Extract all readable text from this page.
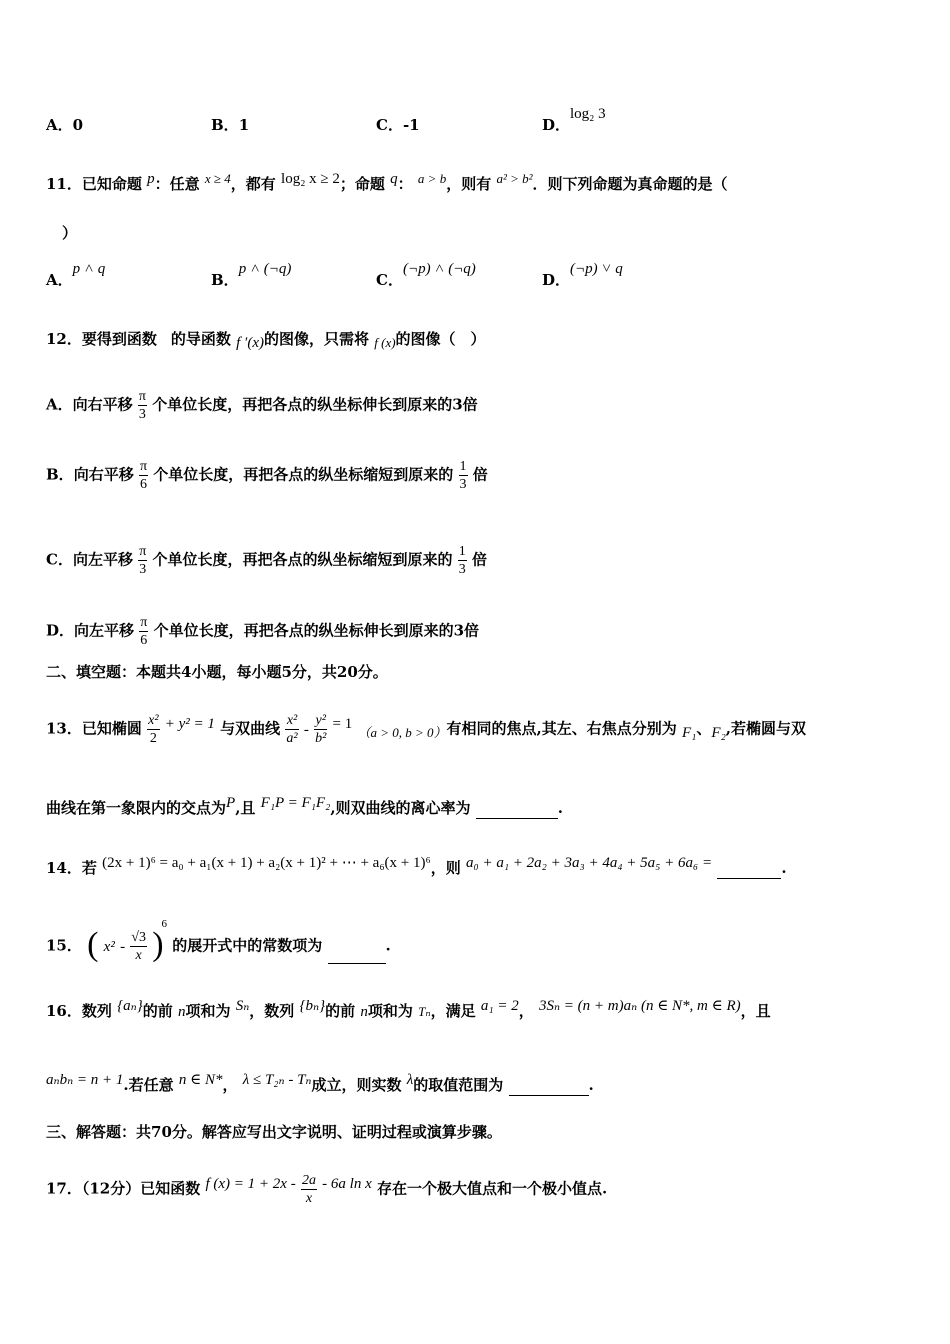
A．0	B．1	C．-1	D．log₂ 3
11．已知命题 p：任意 x ≥ 4，都有 log₂ x ≥ 2；命题 q： a > b，则有 a² > b²．则下列命题为真命题的是（
）
A．p ˄ q
B．p ˄ (¬q)
C．(¬p) ˄ (¬q)
D．(¬p) ˅ q
12．要得到函数 的导函数 f ′(x)的图像，只需将 f (x)的图像（　）
A．向右平移 $\frac{\pi}{3}$ 个单位长度，再把各点的纵坐标伸长到原来的3倍
B．向右平移 $\frac{\pi}{6}$ 个单位长度，再把各点的纵坐标缩短到原来的 $\frac{1}{3}$ 倍
C．向左平移 $\frac{\pi}{3}$ 个单位长度，再把各点的纵坐标缩短到原来的 $\frac{1}{3}$ 倍
D．向左平移 $\frac{\pi}{6}$ 个单位长度，再把各点的纵坐标伸长到原来的3倍
二、填空题：本题共4小题，每小题5分，共20分。
13．已知椭圆 $\frac{\text{x²}}{2} + y^2 = 1$ 与双曲线 $\frac{\text{x²}}{\text{a²}} - \frac{\text{y²}}{\text{b²}} = 1$ （a > 0, b > 0）有相同的焦点,其左、右焦点分别为 F₁、F₂,若椭圆与双
曲线在第一象限内的交点为P,且 F₁P = F₁F₂,则双曲线的离心率为	.
14．若 (2x + 1)⁶ = a₀ + a₁(x + 1) + a₂(x + 1)² + ⋯ + a₆(x + 1)⁶，则 a₀ + a₁ + 2a₂ + 3a₃ + 4a₄ + 5a₅ + 6a₆ =	.
15． ( $x^2 - \frac{√3}{x} )^6$ 的展开式中的常数项为	.
16．数列 {aₙ}的前 n项和为 Sₙ，数列 {bₙ}的前 n项和为 Tₙ，满足 a₁ = 2， 3Sₙ = (n + m)aₙ (n ∈ N*, m ∈ R)，且
aₙbₙ = n + 1.若任意 n ∈ N*， λ ≤ T₂ₙ - Tₙ成立，则实数 λ的取值范围为	.
三、解答题：共70分。解答应写出文字说明、证明过程或演算步骤。
17．（12分）已知函数 f $(x) = 1 + 2x - \frac{2a}{x} - 6a$ ln x 存在一个极大值点和一个极小值点.
